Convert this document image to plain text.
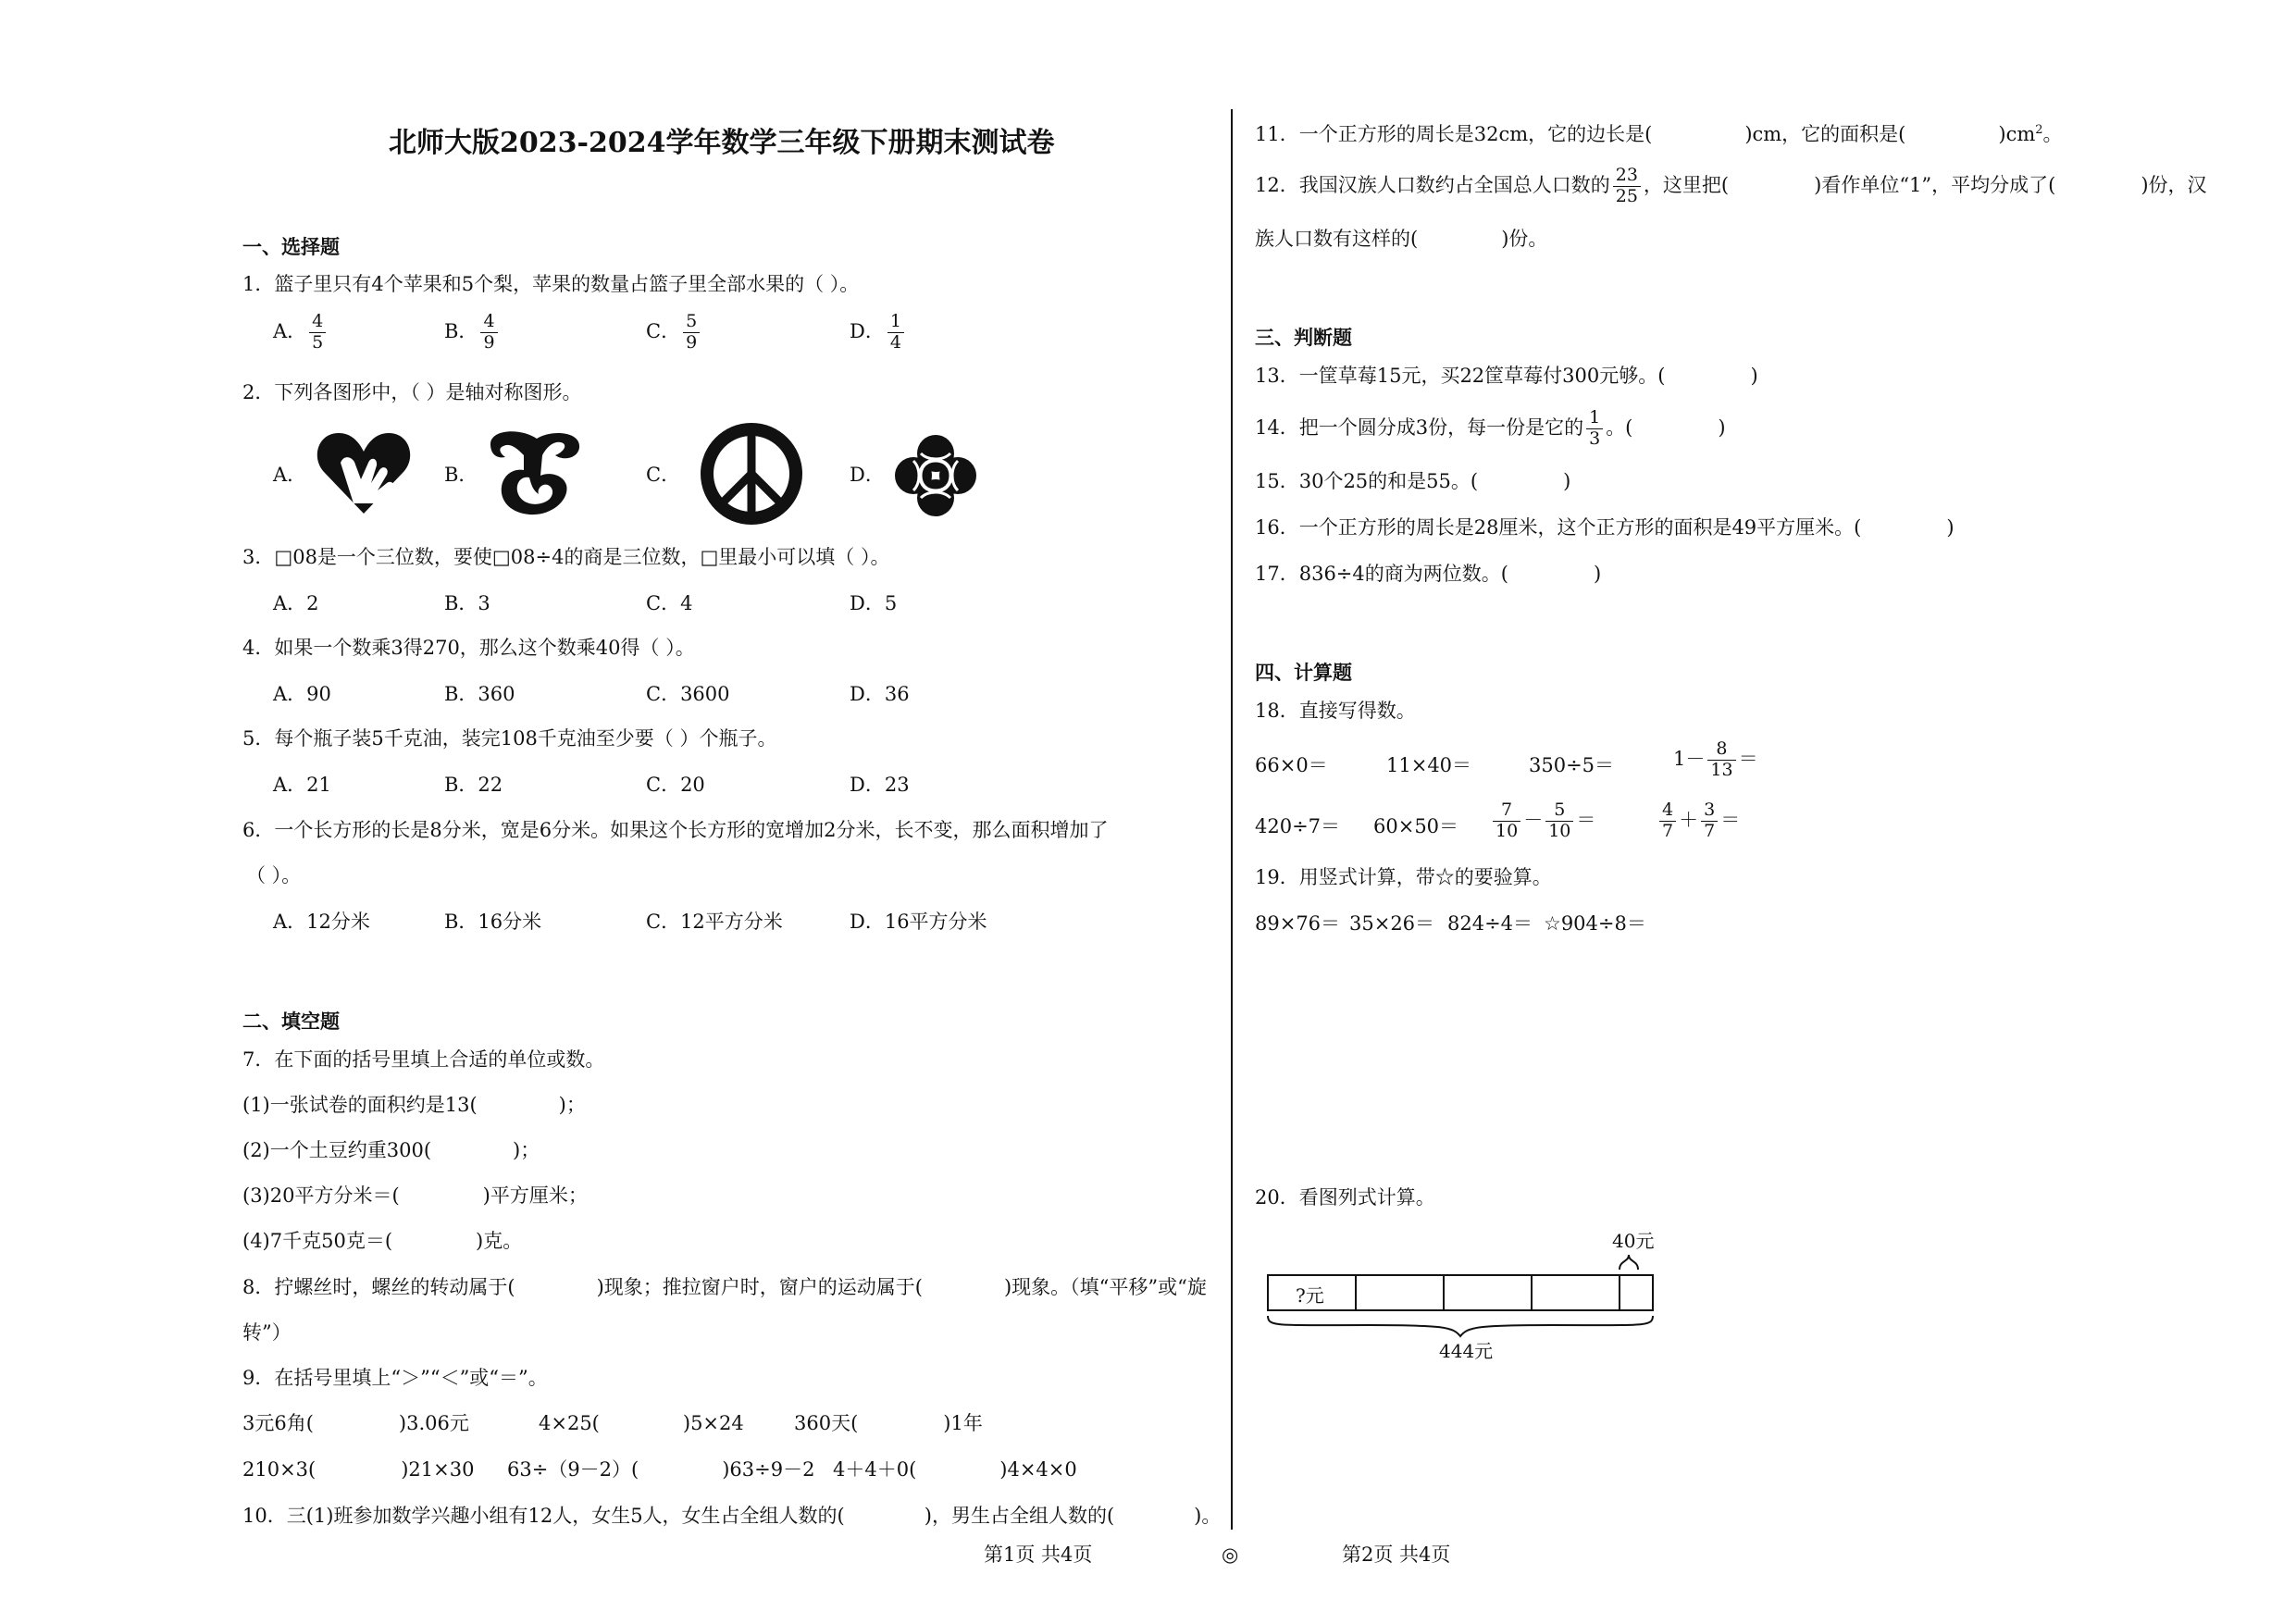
北师大版2023-2024学年数学三年级下册期末测试卷
一、选择题
1．篮子里只有4个苹果和5个梨，苹果的数量占篮子里全部水果的（ ）。
A． $\frac{4}{5}$	B． $\frac{4}{9}$	C． $\frac{5}{9}$	D． $\frac{1}{4}$
2．下列各图形中，（ ）是轴对称图形。
A．	B．	C．	D．
3．□08是一个三位数，要使□08÷4的商是三位数，□里最小可以填（ ）。
A．2	B．3	C．4	D．5
4．如果一个数乘3得270，那么这个数乘40得（ ）。
A．90	B．360	C．3600	D．36
5．每个瓶子装5千克油，装完108千克油至少要（ ）个瓶子。
A．21	B．22	C．20	D．23
6．一个长方形的长是8分米，宽是6分米。如果这个长方形的宽增加2分米，长不变，那么面积增加了
（ ）。
A．12分米	B．16分米	C．12平方分米	D．16平方分米
二、填空题
7．在下面的括号里填上合适的单位或数。
(1)一张试卷的面积约是13(	)；
(2)一个土豆约重300(	)；
(3)20平方分米＝(	)平方厘米；
(4)7千克50克＝(	)克。
8．拧螺丝时，螺丝的转动属于(	)现象；推拉窗户时，窗户的运动属于(	)现象。（填“平移”或“旋
转”）
9．在括号里填上“＞”“＜”或“＝”。
3元6角(	)3.06元	4×25(	)5×24	360天(	)1年
210×3(	)21×30 63÷（9－2）(	)63÷9－2 4＋4＋0(	)4×4×0
10．三(1)班参加数学兴趣小组有12人，女生5人，女生占全组人数的(	)，男生占全组人数的(	)。
11．一个正方形的周长是32cm，它的边长是(	)cm，它的面积是(	)$cm^2$。
12．我国汉族人口数约占全国总人口数的 $\frac{23}{25}$ ，这里把(	)看作单位“1”，平均分成了(	)份，汉
族人口数有这样的(	)份。
三、判断题
13．一筐草莓15元，买22筐草莓付300元够。(	)
14．把一个圆分成3份，每一份是它的 $\frac{1}{3}$ 。(	)
15．30个25的和是55。(	)
16．一个正方形的周长是28厘米，这个正方形的面积是49平方厘米。(	)
17．836÷4的商为两位数。(	)
四、计算题
18．直接写得数。
66×0＝	11×40＝	350÷5＝	$1- \frac{8}{13}$ ＝
$420\div 7= 60\times 50= \frac{7}{10} - \frac{5}{10}$ ＝	$\frac{4}{7} + \frac{3}{7}$ ＝
19．用竖式计算，带☆的要验算。
89×76＝ 35×26＝ 824÷4＝ ☆904÷8＝
20．看图列式计算。
40元
?元
444元
第1页 共4页	◎	第2页 共4页
